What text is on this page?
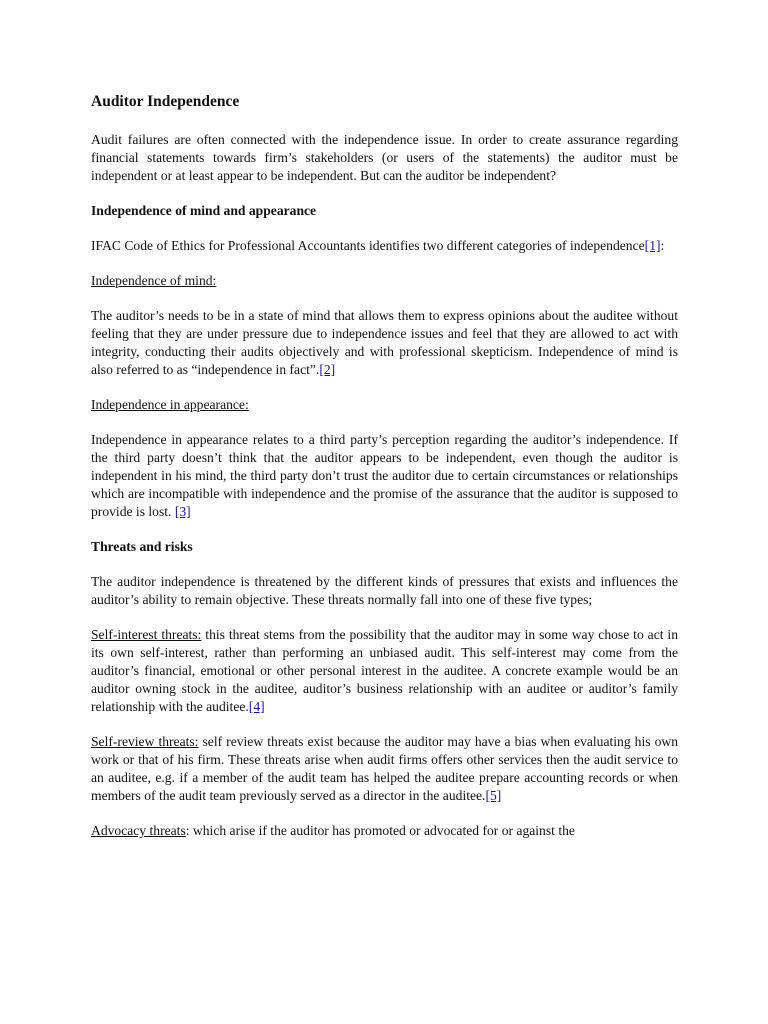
Auditor Independence

Audit failures are often connected with the independence issue. In order to create assurance regarding financial statements towards firm’s stakeholders (or users of the statements) the auditor must be independent or at least appear to be independent. But can the auditor be independent?

Independence of mind and appearance

IFAC Code of Ethics for Professional Accountants identifies two different categories of independence[1]:

Independence of mind:

The auditor’s needs to be in a state of mind that allows them to express opinions about the auditee without feeling that they are under pressure due to independence issues and feel that they are allowed to act with integrity, conducting their audits objectively and with professional skepticism. Independence of mind is also referred to as “independence in fact”.[2]

Independence in appearance:

Independence in appearance relates to a third party’s perception regarding the auditor’s independence. If the third party doesn’t think that the auditor appears to be independent, even though the auditor is independent in his mind, the third party don’t trust the auditor due to certain circumstances or relationships which are incompatible with independence and the promise of the assurance that the auditor is supposed to provide is lost. [3]

Threats and risks

The auditor independence is threatened by the different kinds of pressures that exists and influences the auditor’s ability to remain objective. These threats normally fall into one of these five types;

Self-interest threats: this threat stems from the possibility that the auditor may in some way chose to act in its own self-interest, rather than performing an unbiased audit. This self-interest may come from the auditor’s financial, emotional or other personal interest in the auditee. A concrete example would be an auditor owning stock in the auditee, auditor’s business relationship with an auditee or auditor’s family relationship with the auditee.[4]

Self-review threats: self review threats exist because the auditor may have a bias when evaluating his own work or that of his firm. These threats arise when audit firms offers other services then the audit service to an auditee, e.g. if a member of the audit team has helped the auditee prepare accounting records or when members of the audit team previously served as a director in the auditee.[5]

Advocacy threats: which arise if the auditor has promoted or advocated for or against the
